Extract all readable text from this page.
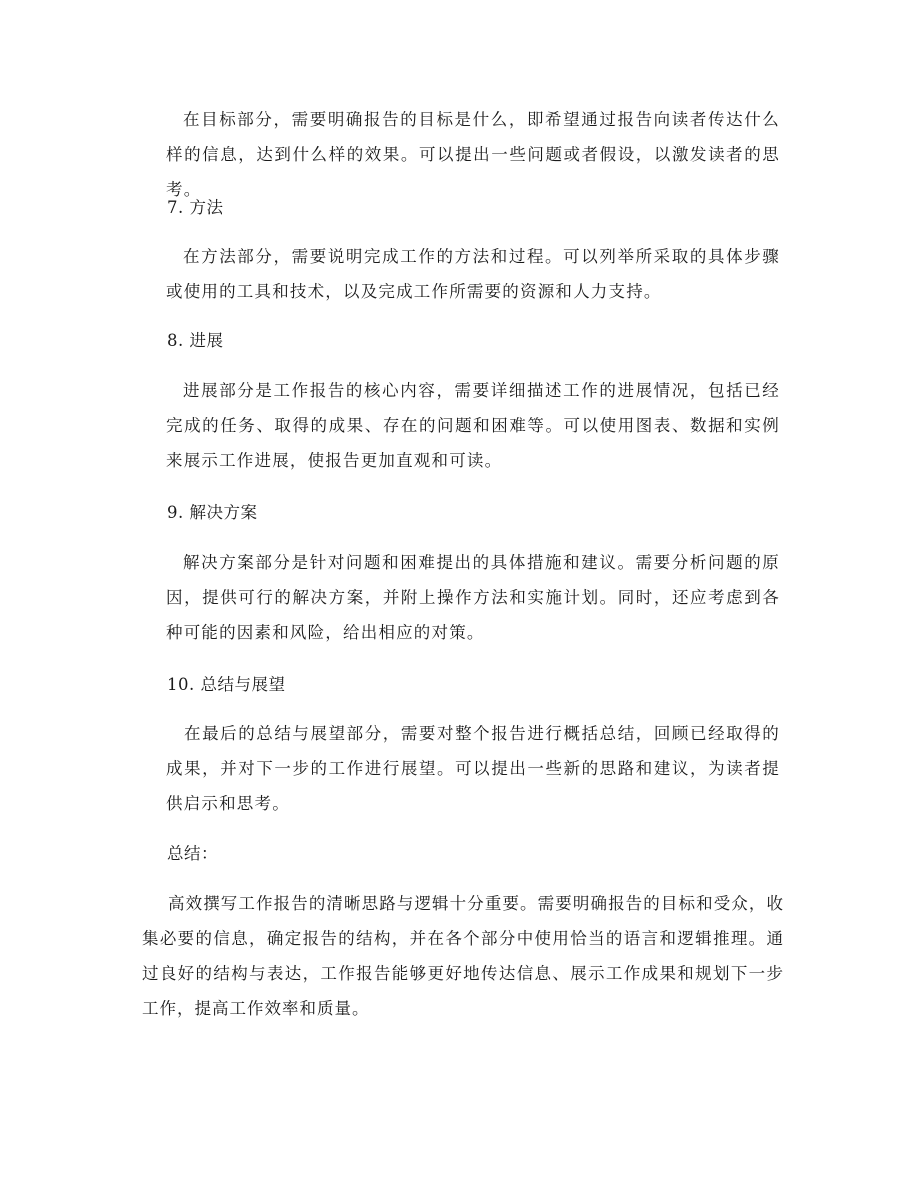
在目标部分，需要明确报告的目标是什么，即希望通过报告向读者传达什么样的信息，达到什么样的效果。可以提出一些问题或者假设，以激发读者的思考。

7. 方法

在方法部分，需要说明完成工作的方法和过程。可以列举所采取的具体步骤或使用的工具和技术，以及完成工作所需要的资源和人力支持。

8. 进展

进展部分是工作报告的核心内容，需要详细描述工作的进展情况，包括已经完成的任务、取得的成果、存在的问题和困难等。可以使用图表、数据和实例来展示工作进展，使报告更加直观和可读。

9. 解决方案

解决方案部分是针对问题和困难提出的具体措施和建议。需要分析问题的原因，提供可行的解决方案，并附上操作方法和实施计划。同时，还应考虑到各种可能的因素和风险，给出相应的对策。

10. 总结与展望

在最后的总结与展望部分，需要对整个报告进行概括总结，回顾已经取得的成果，并对下一步的工作进行展望。可以提出一些新的思路和建议，为读者提供启示和思考。

总结：

高效撰写工作报告的清晰思路与逻辑十分重要。需要明确报告的目标和受众，收集必要的信息，确定报告的结构，并在各个部分中使用恰当的语言和逻辑推理。通过良好的结构与表达，工作报告能够更好地传达信息、展示工作成果和规划下一步工作，提高工作效率和质量。
